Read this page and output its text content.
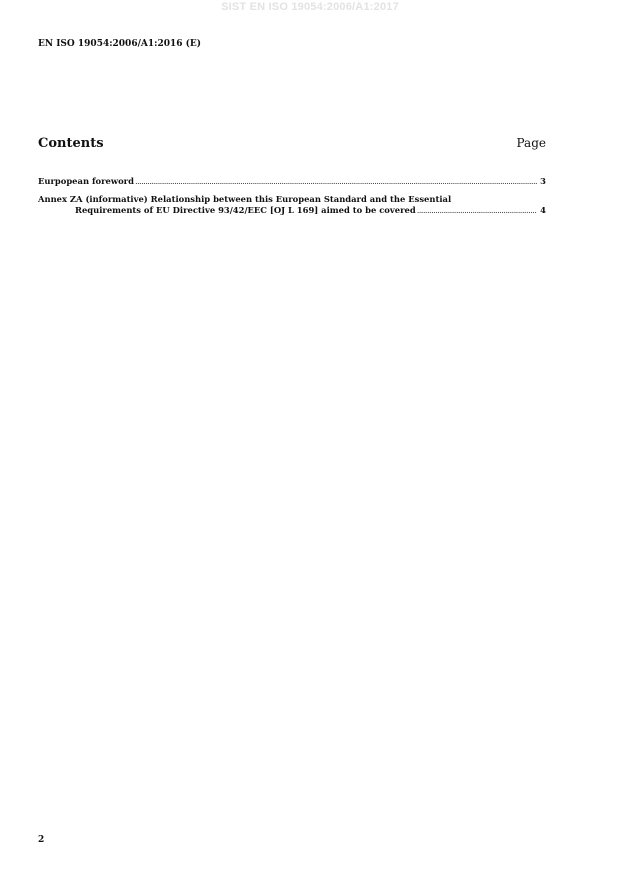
SIST EN ISO 19054:2006/A1:2017
EN ISO 19054:2006/A1:2016 (E)
Contents	Page
Eurpopean foreword .....	3
Annex ZA (informative) Relationship between this European Standard and the Essential
Requirements of EU Directive 93/42/EEC [OJ L 169] aimed to be covered .....	4
2
